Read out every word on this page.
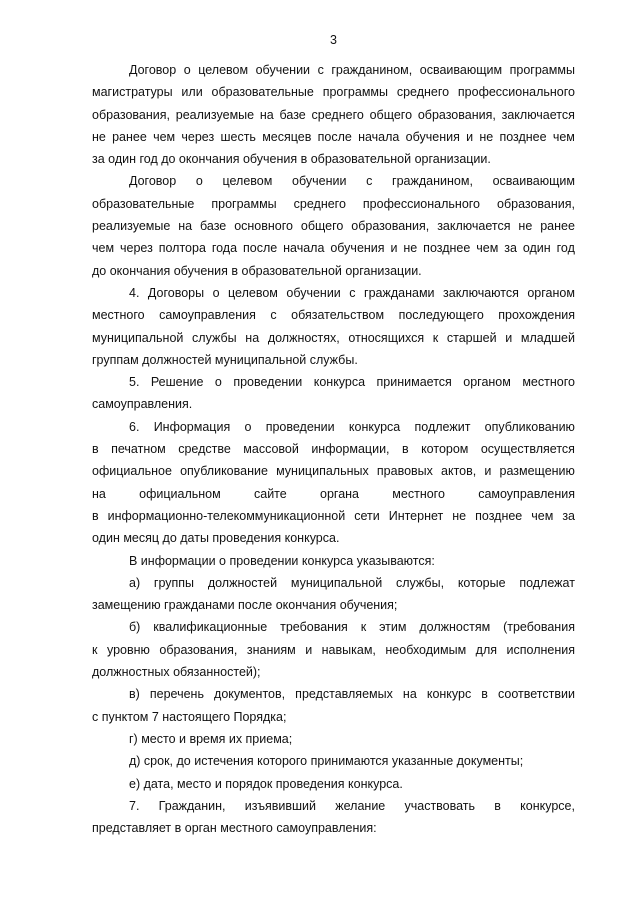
3
Договор о целевом обучении с гражданином, осваивающим программы
магистратуры или образовательные программы среднего профессионального
образования, реализуемые на базе среднего общего образования, заключается
не ранее чем через шесть месяцев после начала обучения и не позднее чем
за один год до окончания обучения в образовательной организации.
Договор о целевом обучении с гражданином, осваивающим
образовательные программы среднего профессионального образования,
реализуемые на базе основного общего образования, заключается не ранее
чем через полтора года после начала обучения и не позднее чем за один год
до окончания обучения в образовательной организации.
4. Договоры о целевом обучении с гражданами заключаются органом
местного самоуправления с обязательством последующего прохождения
муниципальной службы на должностях, относящихся к старшей и младшей
группам должностей муниципальной службы.
5. Решение о проведении конкурса принимается органом местного
самоуправления.
6. Информация о проведении конкурса подлежит опубликованию
в печатном средстве массовой информации, в котором осуществляется
официальное опубликование муниципальных правовых актов, и размещению
на	официальном	сайте	органа	местного	самоуправления
в информационно-телекоммуникационной сети Интернет не позднее чем за
один месяц до даты проведения конкурса.
В информации о проведении конкурса указываются:
а) группы должностей муниципальной службы, которые подлежат
замещению гражданами после окончания обучения;
б) квалификационные требования к этим должностям (требования
к уровню образования, знаниям и навыкам, необходимым для исполнения
должностных обязанностей);
в) перечень документов, представляемых на конкурс в соответствии
с пунктом 7 настоящего Порядка;
г) место и время их приема;
д) срок, до истечения которого принимаются указанные документы;
е) дата, место и порядок проведения конкурса.
7. Гражданин, изъявивший желание участвовать в конкурсе,
представляет в орган местного самоуправления:
